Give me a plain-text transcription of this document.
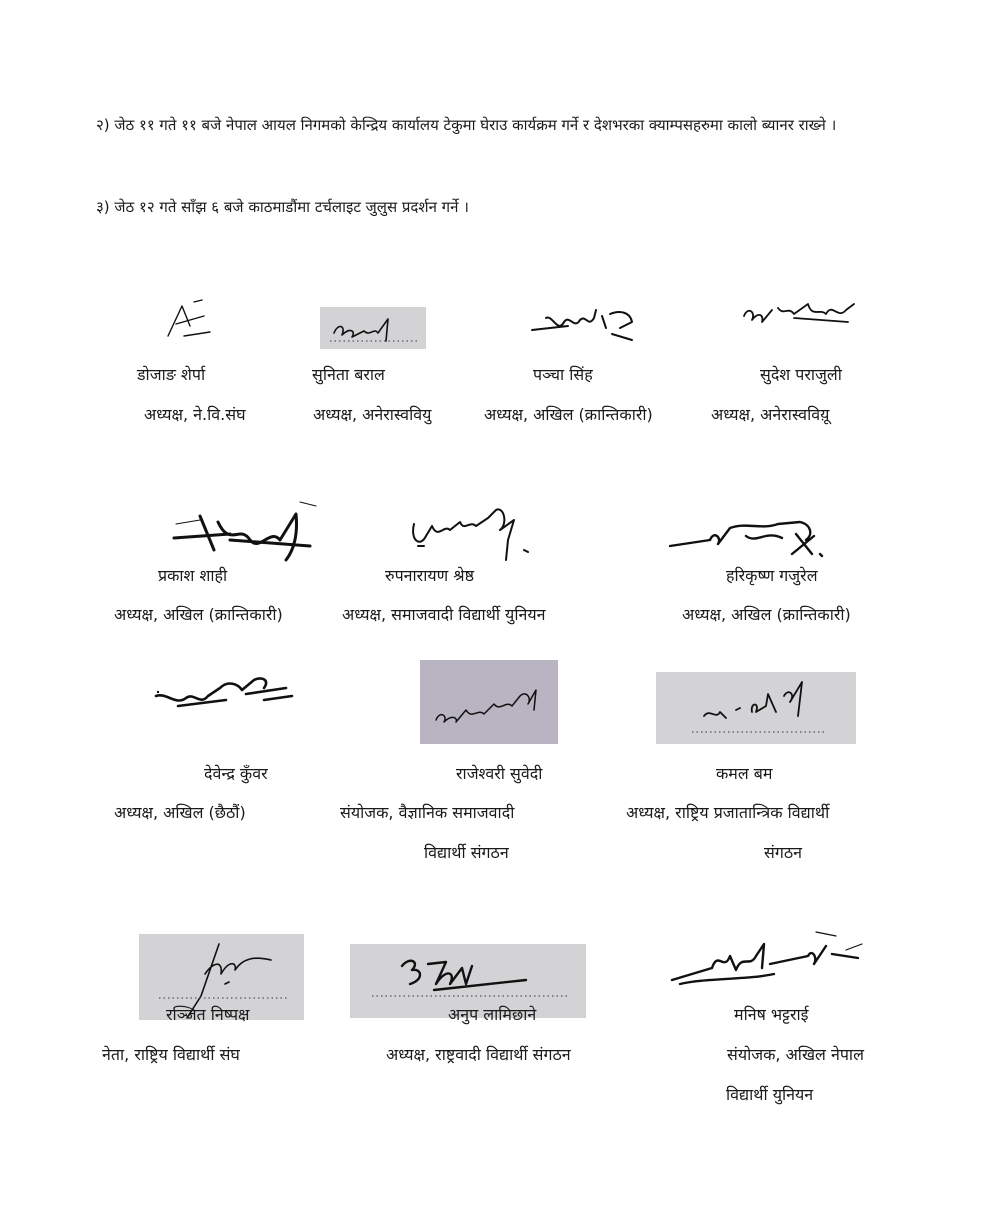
२) जेठ ११ गते ११ बजे नेपाल आयल निगमको केन्द्रिय कार्यालय टेकुमा घेराउ कार्यक्रम गर्ने र देशभरका क्याम्पसहरुमा कालो ब्यानर राख्ने ।

३) जेठ १२ गते साँझ ६ बजे काठमाडौंमा टर्चलाइट जुलुस प्रदर्शन गर्ने ।

डोजाङ शेर्पा
अध्यक्ष, ने.वि.संघ
सुनिता बराल
अध्यक्ष, अनेरास्ववियु
पञ्चा सिंह
अध्यक्ष, अखिल (क्रान्तिकारी)
सुदेश पराजुली
अध्यक्ष, अनेरास्वविय़ू
प्रकाश शाही
अध्यक्ष, अखिल (क्रान्तिकारी)
रुपनारायण श्रेष्ठ
अध्यक्ष, समाजवादी विद्यार्थी युनियन
हरिकृष्ण गजुरेल
अध्यक्ष, अखिल (क्रान्तिकारी)
देवेन्द्र कुँवर
अध्यक्ष, अखिल (छैठौं)
राजेश्वरी सुवेदी
संयोजक, वैज्ञानिक समाजवादी
विद्यार्थी संगठन
कमल बम
अध्यक्ष, राष्ट्रिय प्रजातान्त्रिक विद्यार्थी
संगठन
रञ्जित निष्पक्ष
नेता, राष्ट्रिय विद्यार्थी संघ
अनुप लामिछाने
अध्यक्ष, राष्ट्रवादी विद्यार्थी संगठन
मनिष भट्टराई
संयोजक, अखिल नेपाल
विद्यार्थी युनियन
